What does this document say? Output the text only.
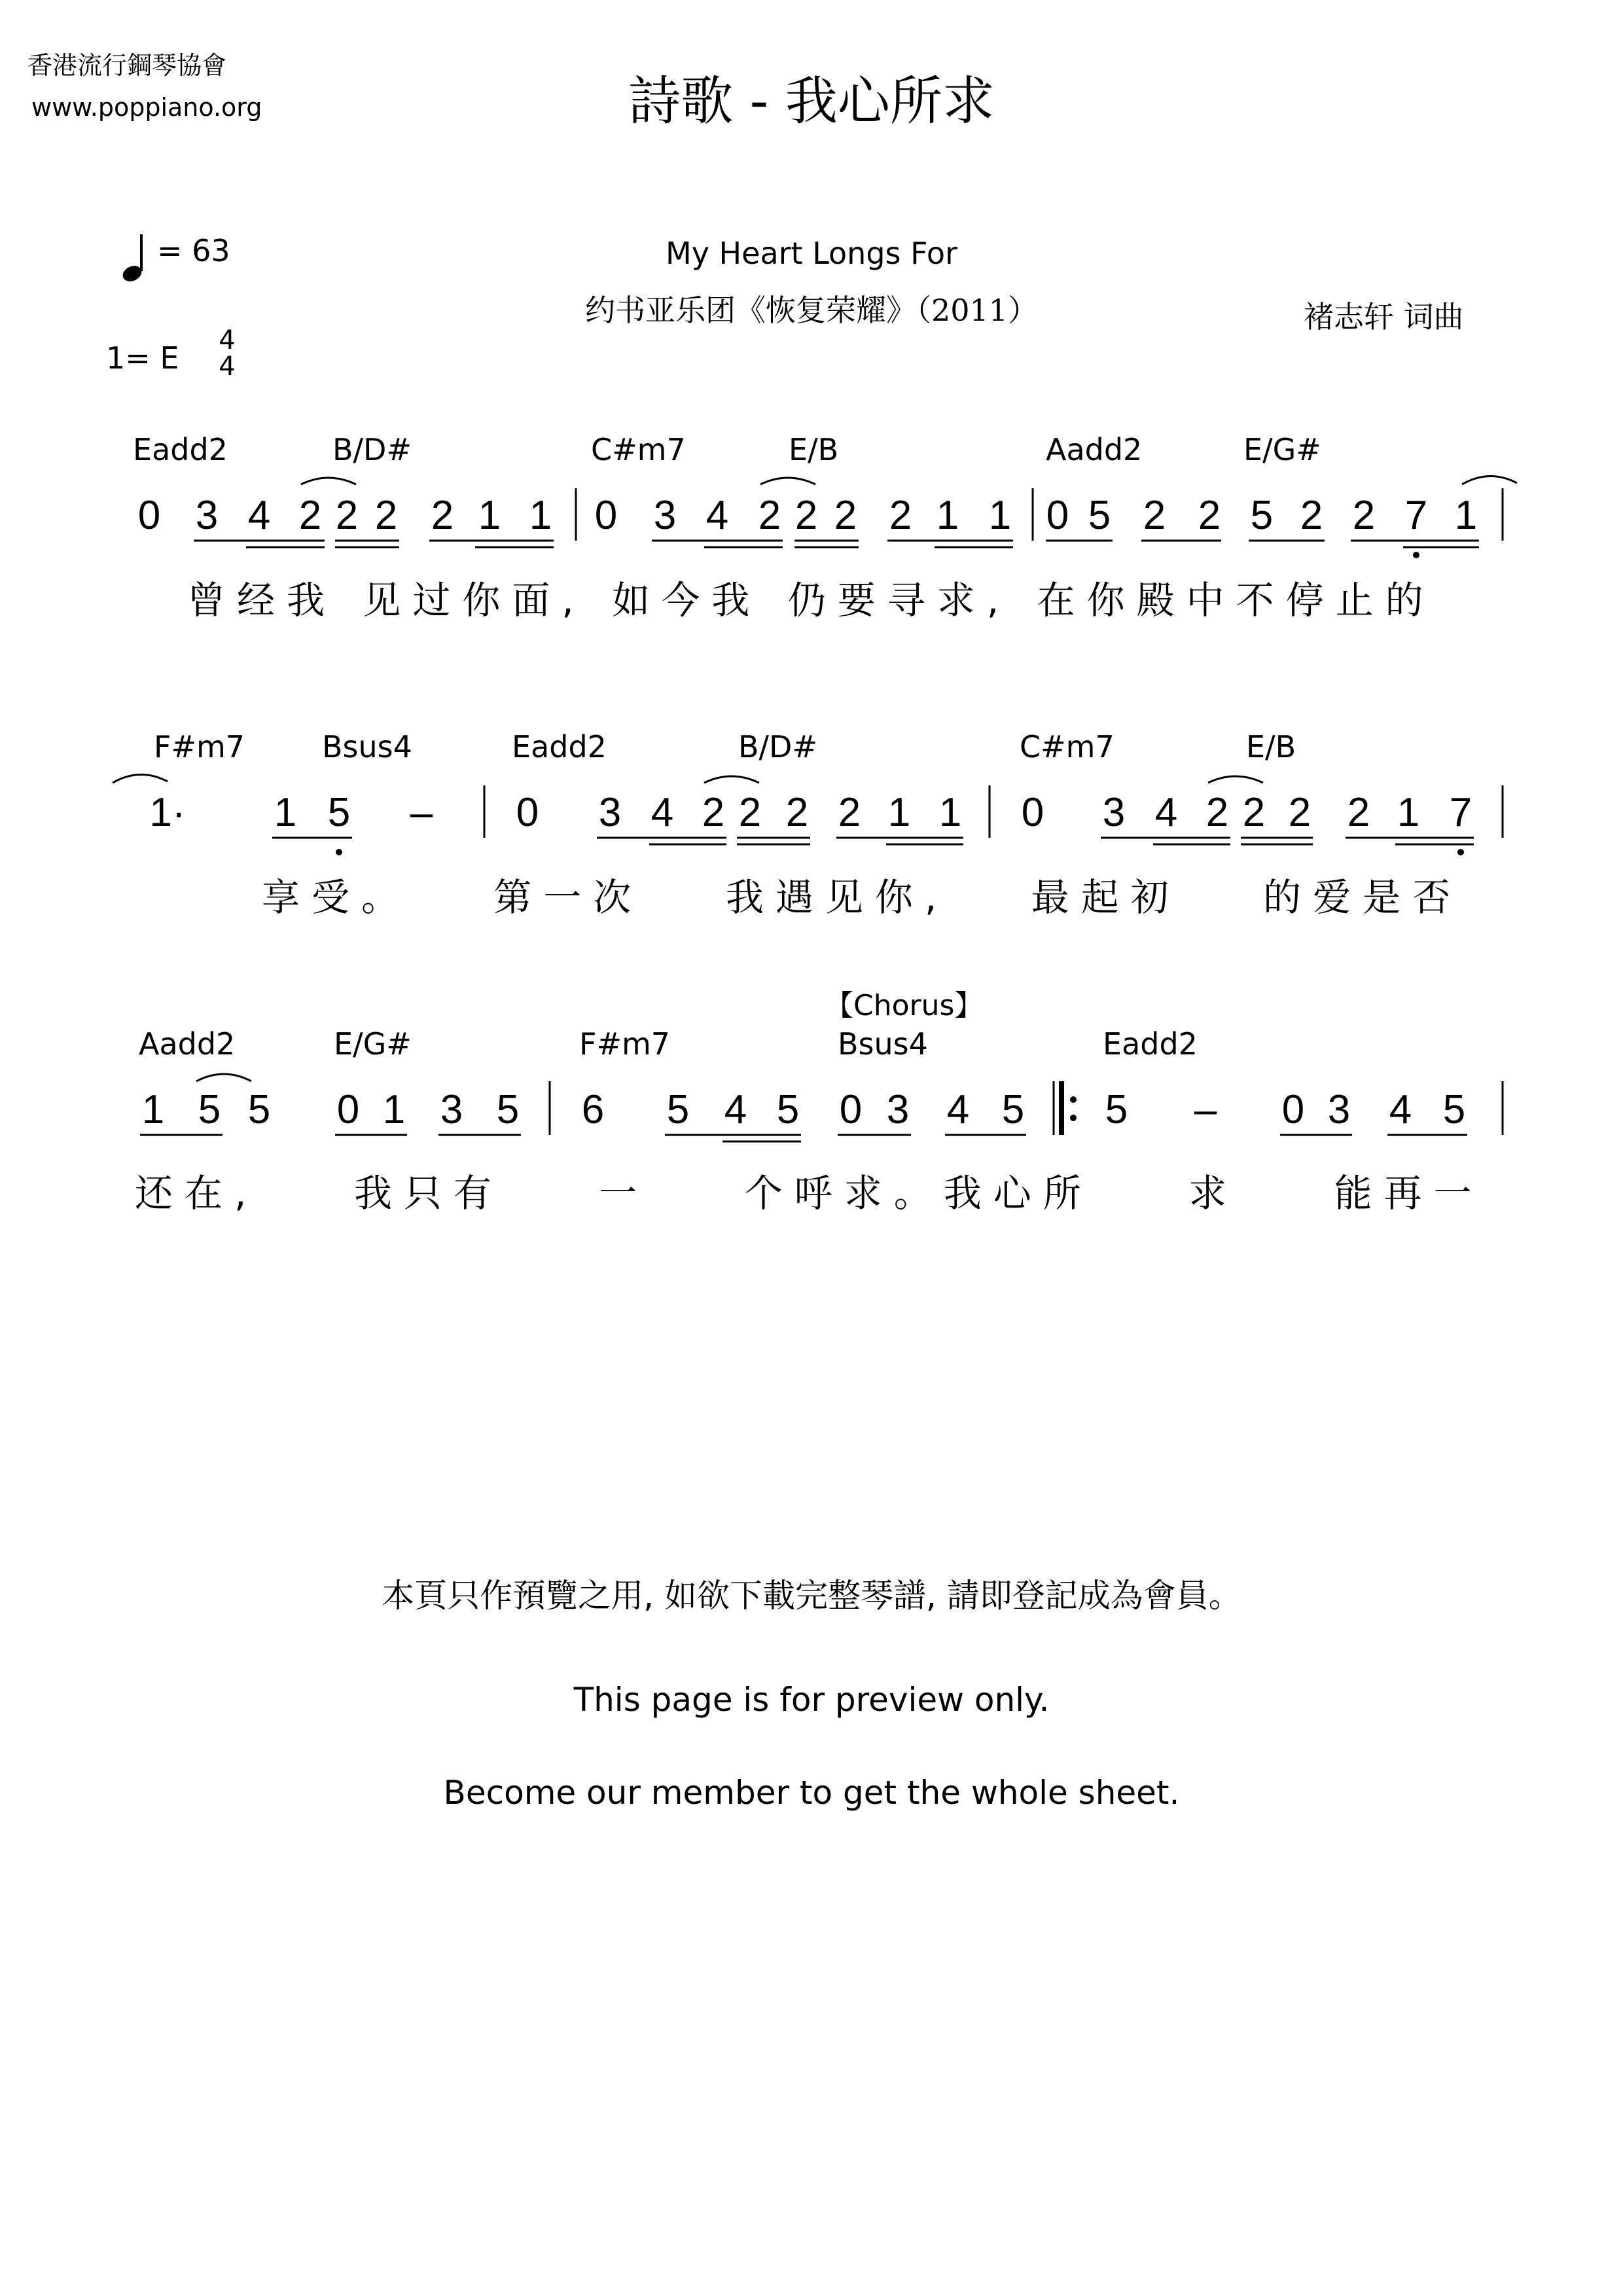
香港流行鋼琴協會
www.poppiano.org	詩歌 - 我心所求
My Heart Longs For
约书亚乐团《恢复荣耀》（2011）	褚志轩 词曲
= 63
1= E	4
4
Eadd2	B/D#	C#m7	E/B	Aadd2	E/G#
0 3 4 2 2 2 2 1 1 0 3 4 2 2 2 2 1 1 0 5 2 2 5 2 2 7 1
曾经我 见过你面, 如今我 仍要寻求, 在你殿中不停止的
F#m7	Bsus4	Eadd2	B/D#	C#m7	E/B
1· 1 5 – 0 3 4 2 2 2 2 1 1 0 3 4 2 2 2 2 1 7
享受。 第一次 我遇见你, 最起初 的爱是否
【Chorus】
Aadd2	E/G#	F#m7	Bsus4	Eadd2
1 5 5 0 1 3 5 6 5 4 5 0 3 4 5 5 – 0 3 4 5
还在, 我只有 一 个呼求。我心所 求 能再一
本頁只作預覽之用, 如欲下載完整琴譜, 請即登記成為會員。
This page is for preview only.
Become our member to get the whole sheet.
